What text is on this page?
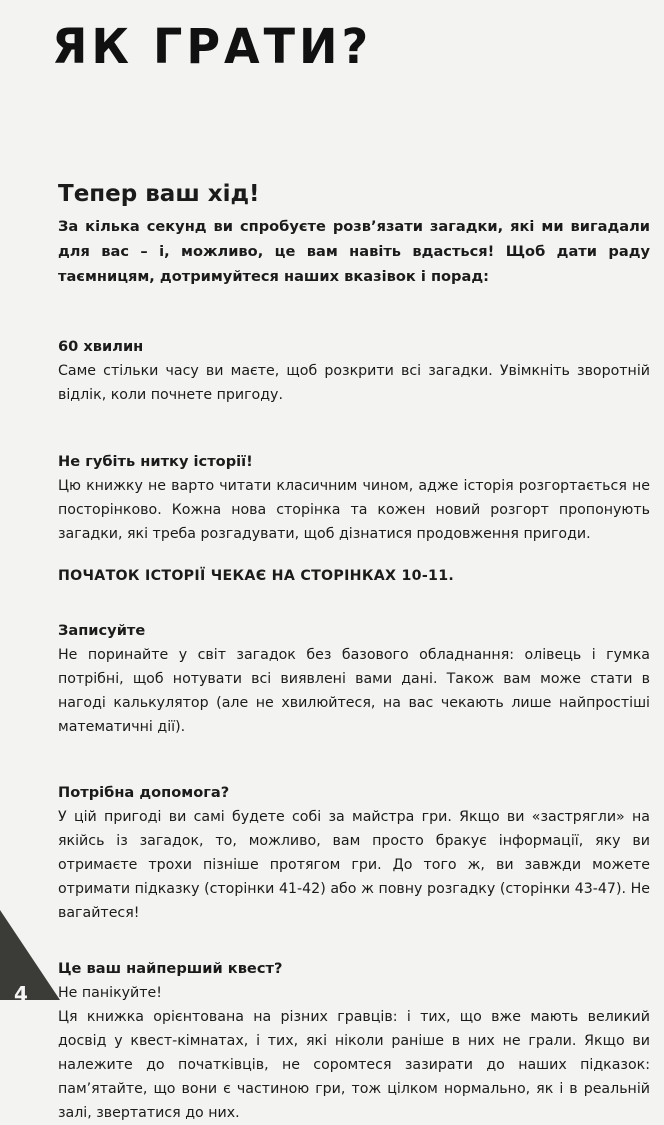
ЯК ГРАТИ?
Тепер ваш хід!

За кілька секунд ви спробуєте розв’язати загадки, які ми вигадали для вас – і, можливо, це вам навіть вдасться! Щоб дати раду таємницям, дотримуйтеся наших вказівок і порад:

60 хвилин

Саме стільки часу ви маєте, щоб розкрити всі загадки. Увімкніть зворотній відлік, коли почнете пригоду.

Не губіть нитку історії!

Цю книжку не варто читати класичним чином, адже історія розгортається не посторінково. Кожна нова сторінка та кожен новий розгорт пропонують загадки, які треба розгадувати, щоб дізнатися продовження пригоди.

ПОЧАТОК ІСТОРІЇ ЧЕКАЄ НА СТОРІНКАХ 10-11.

Записуйте

Не поринайте у світ загадок без базового обладнання: олівець і гумка потрібні, щоб нотувати всі виявлені вами дані. Також вам може стати в нагоді калькулятор (але не хвилюйтеся, на вас чекають лише найпростіші математичні дії).

Потрібна допомога?

У цій пригоді ви самі будете собі за майстра гри. Якщо ви «застрягли» на якійсь із загадок, то, можливо, вам просто бракує інформації, яку ви отримаєте трохи пізніше протягом гри. До того ж, ви завжди можете отримати підказку (сторінки 41-42) або ж повну розгадку (сторінки 43-47). Не вагайтеся!

Це ваш найперший квест?

Не панікуйте!

Ця книжка орієнтована на різних гравців: і тих, що вже мають великий досвід у квест-кімнатах, і тих, які ніколи раніше в них не грали. Якщо ви належите до початківців, не соромтеся зазирати до наших підказок: пам’ятайте, що вони є частиною гри, тож цілком нормально, як і в реальній залі, звертатися до них.

4
